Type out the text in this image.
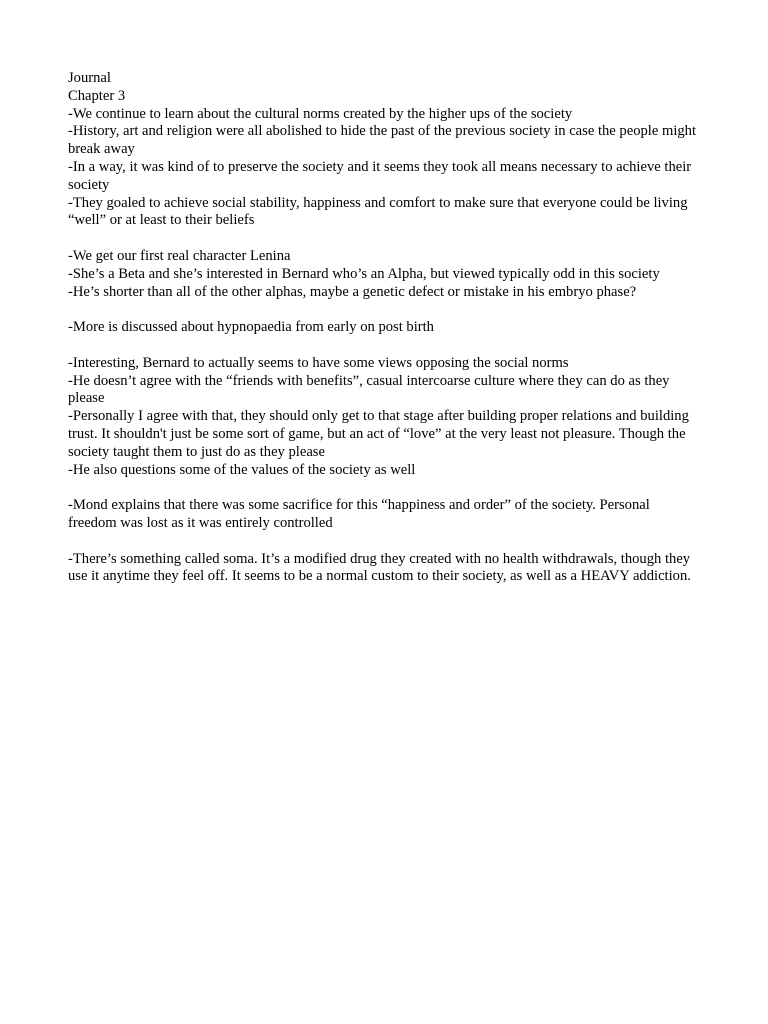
Journal

Chapter 3

-We continue to learn about the cultural norms created by the higher ups of the society

-History, art and religion were all abolished to hide the past of the previous society in case the people might break away

-In a way, it was kind of to preserve the society and it seems they took all means necessary to achieve their society

-They goaled to achieve social stability, happiness and comfort to make sure that everyone could be living “well” or at least to their beliefs

-We get our first real character Lenina

-She’s a Beta and she’s interested in Bernard who’s an Alpha, but viewed typically odd in this society

-He’s shorter than all of the other alphas, maybe a genetic defect or mistake in his embryo phase?

-More is discussed about hypnopaedia from early on post birth

-Interesting, Bernard to actually seems to have some views opposing the social norms

-He doesn’t agree with the “friends with benefits”, casual intercoarse culture where they can do as they please

-Personally I agree with that, they should only get to that stage after building proper relations and building trust. It shouldn't just be some sort of game, but an act of “love” at the very least not pleasure. Though the society taught them to just do as they please

-He also questions some of the values of the society as well

-Mond explains that there was some sacrifice for this “happiness and order” of the society. Personal freedom was lost as it was entirely controlled

-There’s something called soma. It’s a modified drug they created with no health withdrawals, though they use it anytime they feel off. It seems to be a normal custom to their society, as well as a HEAVY addiction.
